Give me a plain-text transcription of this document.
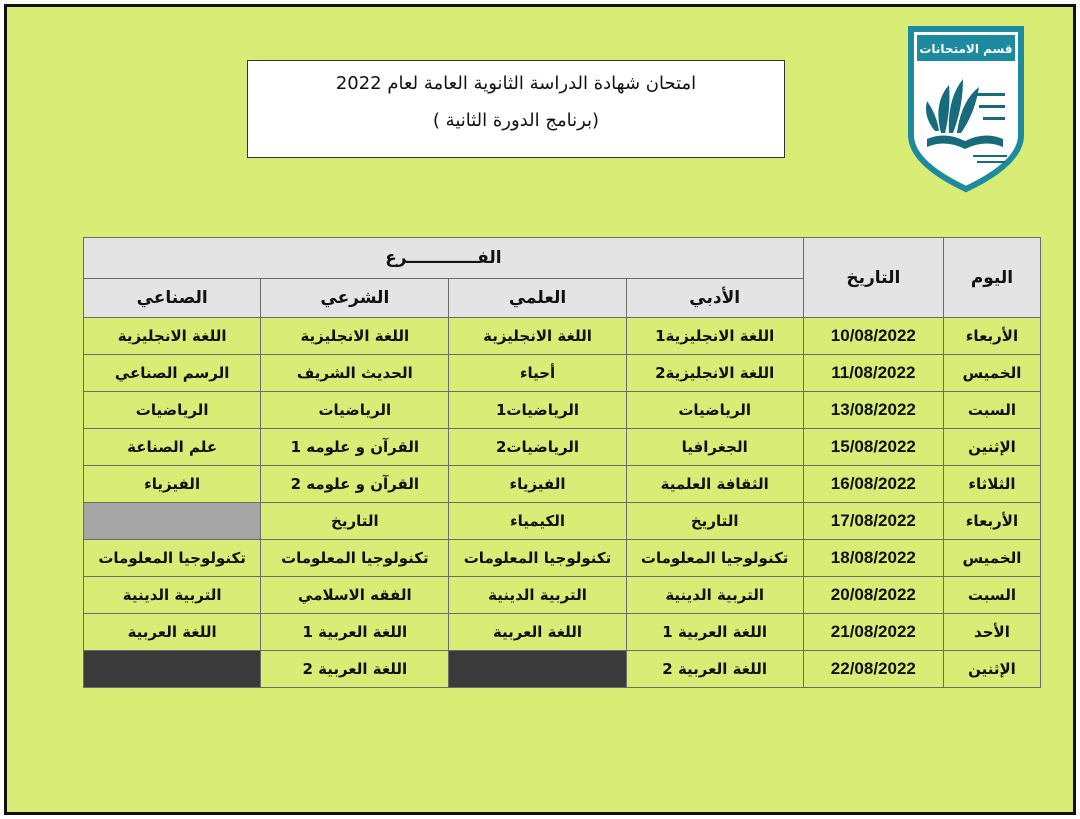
امتحان شهادة الدراسة الثانوية العامة لعام 2022
(برنامج الدورة الثانية )
قسم الامتحانات
اليوم	التاريخ	الفــــــــــــرع			
		الأدبي	العلمي	الشرعي	الصناعي
الأربعاء	10/08/2022	اللغة الانجليزية1	اللغة الانجليزية	اللغة الانجليزية	اللغة الانجليزية
الخميس	11/08/2022	اللغة الانجليزية2	أحياء	الحديث الشريف	الرسم الصناعي
السبت	13/08/2022	الرياضيات	الرياضيات1	الرياضيات	الرياضيات
الإثنين	15/08/2022	الجغرافيا	الرياضيات2	القرآن و علومه 1	علم الصناعة
الثلاثاء	16/08/2022	الثقافة العلمية	الفيزياء	القرآن و علومه 2	الفيزياء
الأربعاء	17/08/2022	التاريخ	الكيمياء	التاريخ	
الخميس	18/08/2022	تكنولوجيا المعلومات	تكنولوجيا المعلومات	تكنولوجيا المعلومات	تكنولوجيا المعلومات
السبت	20/08/2022	التربية الدينية	التربية الدينية	الفقه الاسلامي	التربية الدينية
الأحد	21/08/2022	اللغة العربية 1	اللغة العربية	اللغة العربية 1	اللغة العربية
الإثنين	22/08/2022	اللغة العربية 2		اللغة العربية 2	
